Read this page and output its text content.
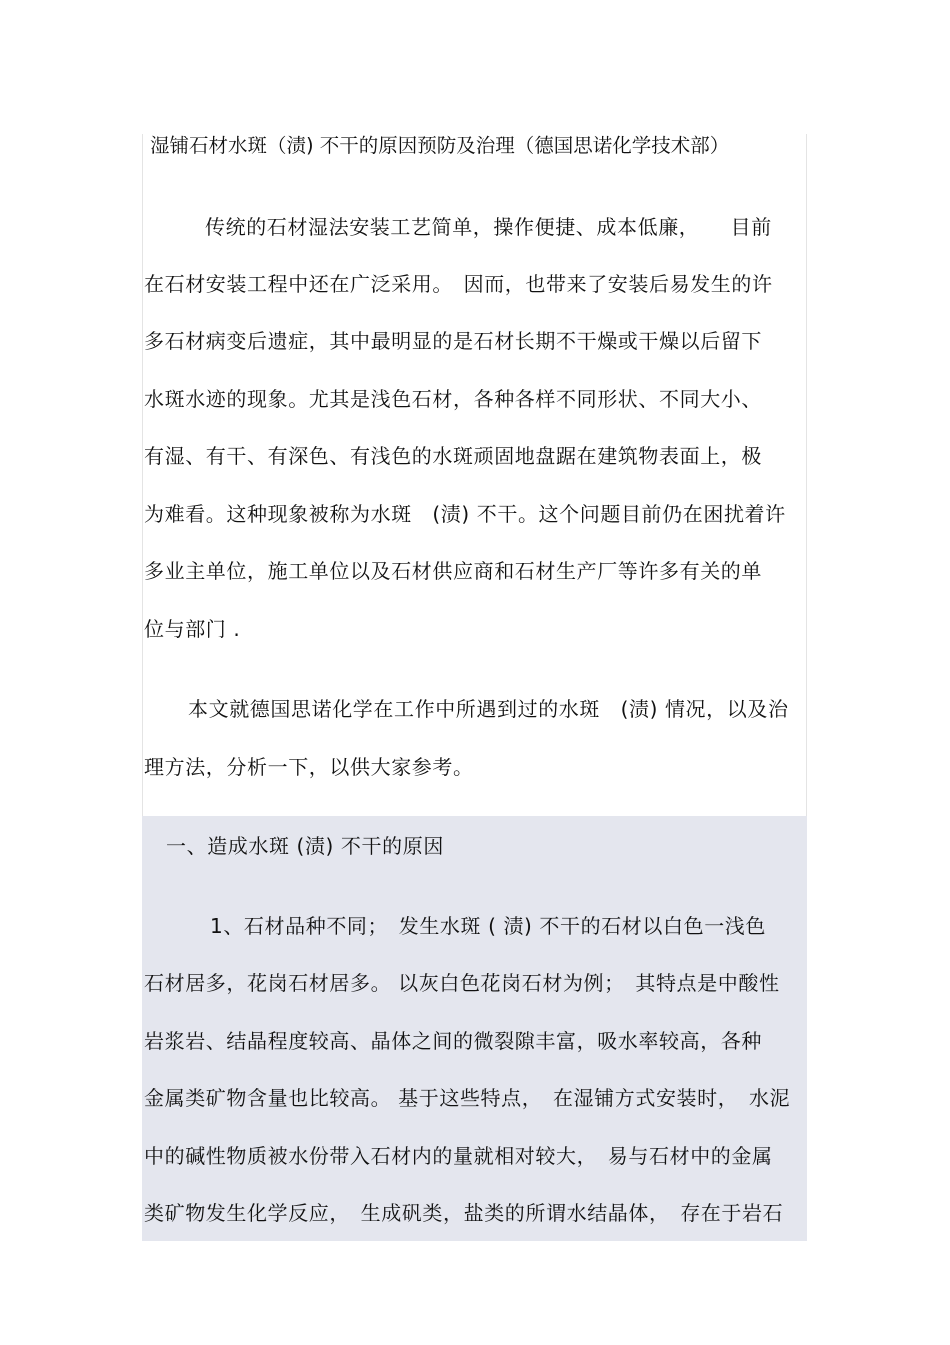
湿铺石材水斑（渍) 不干的原因预防及治理（德国思诺化学技术部）
传统的石材湿法安装工艺简单，操作便捷、成本低廉，　　目前
在石材安装工程中还在广泛采用。　因而，也带来了安装后易发生的许
多石材病变后遗症，其中最明显的是石材长期不干燥或干燥以后留下
水斑水迹的现象。尤其是浅色石材，各种各样不同形状、不同大小、
有湿、有干、有深色、有浅色的水斑顽固地盘踞在建筑物表面上，极
为难看。这种现象被称为水斑　(渍) 不干。这个问题目前仍在困扰着许
多业主单位，施工单位以及石材供应商和石材生产厂等许多有关的单
位与部门 .
本文就德国思诺化学在工作中所遇到过的水斑　(渍) 情况，以及治
理方法，分析一下，以供大家参考。
一、造成水斑 (渍) 不干的原因
1、石材品种不同；　发生水斑 ( 渍) 不干的石材以白色一浅色
石材居多，花岗石材居多。 以灰白色花岗石材为例；　其特点是中酸性
岩浆岩、结晶程度较高、晶体之间的微裂隙丰富，吸水率较高，各种
金属类矿物含量也比较高。 基于这些特点，　在湿铺方式安装时，　水泥
中的碱性物质被水份带入石材内的量就相对较大，　易与石材中的金属
类矿物发生化学反应，　生成矾类，盐类的所谓水结晶体，　存在于岩石
